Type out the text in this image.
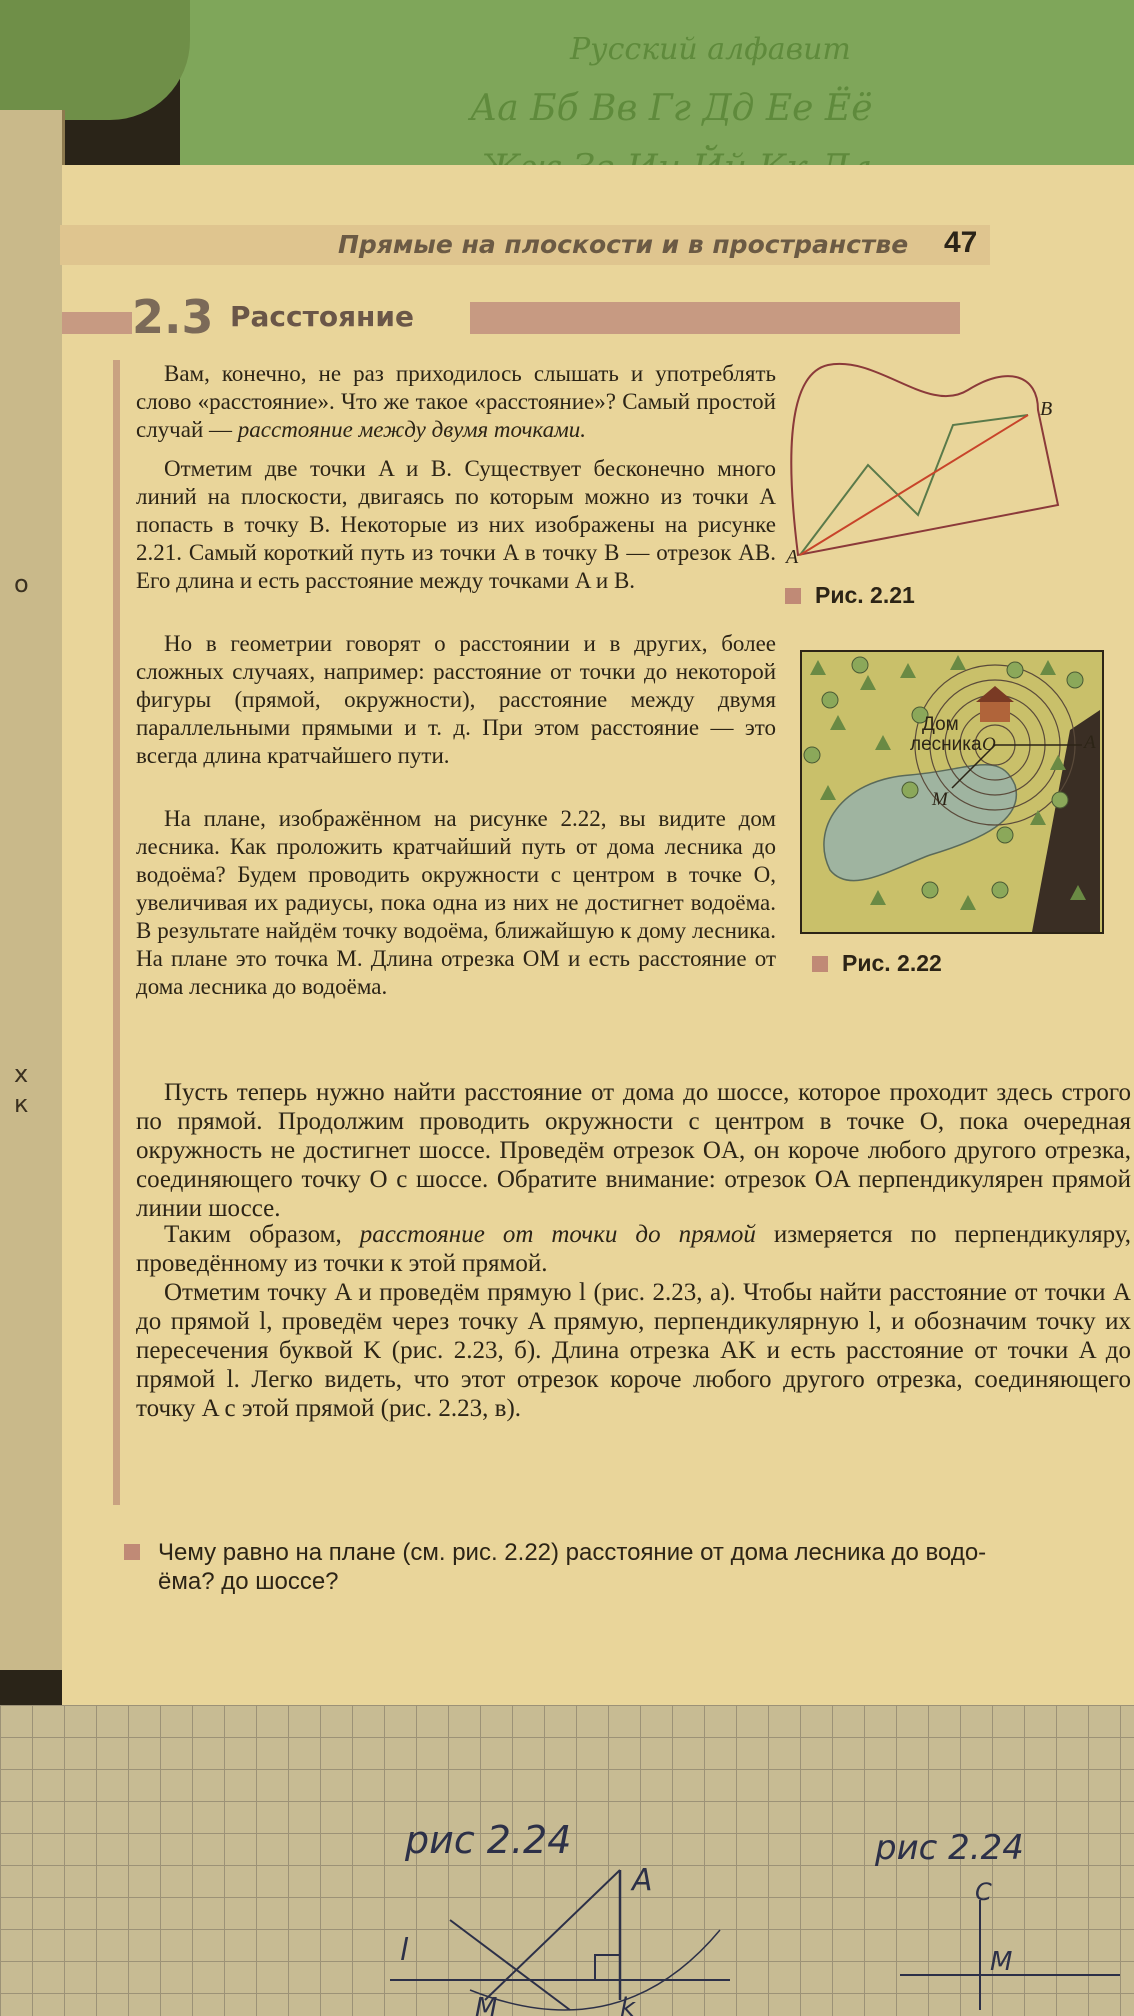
Русский алфавит
Аа Бб Вв Гг Дд Ее Ёё
о
х
к
Прямые на плоскости и в пространстве 47
2.3 Расстояние

Вам, конечно, не раз приходилось слышать и употреблять слово «расстояние». Что же такое «расстояние»? Самый простой случай — расстояние между двумя точками.

Отметим две точки A и B. Существует бесконечно много линий на плоскости, двигаясь по которым можно из точки A попасть в точку B. Некоторые из них изображены на рисунке 2.21. Самый короткий путь из точки A в точку B — отрезок AB. Его длина и есть расстояние между точками A и B.

Но в геометрии говорят о расстоянии и в других, более сложных случаях, например: расстояние от точки до некоторой фигуры (прямой, окружности), расстояние между двумя параллельными прямыми и т. д. При этом расстояние — это всегда длина кратчайшего пути.

На плане, изображённом на рисунке 2.22, вы видите дом лесника. Как проложить кратчайший путь от дома лесника до водоёма? Будем проводить окружности с центром в точке O, увеличивая их радиусы, пока одна из них не достигнет водоёма. В результате найдём точку водоёма, ближайшую к дому лесника. На плане это точка M. Длина отрезка OM и есть расстояние от дома лесника до водоёма.

Пусть теперь нужно найти расстояние от дома до шоссе, которое проходит здесь строго по прямой. Продолжим проводить окружности с центром в точке O, пока очередная окружность не достигнет шоссе. Проведём отрезок OA, он короче любого другого отрезка, соединяющего точку O с шоссе. Обратите внимание: отрезок OA перпендикулярен прямой линии шоссе.

Таким образом, расстояние от точки до прямой измеряется по перпендикуляру, проведённому из точки к этой прямой.

Отметим точку A и проведём прямую l (рис. 2.23, a). Чтобы найти расстояние от точки A до прямой l, проведём через точку A прямую, перпендикулярную l, и обозначим точку их пересечения буквой K (рис. 2.23, б). Длина отрезка AK и есть расстояние от точки A до прямой l. Легко видеть, что этот отрезок короче любого другого отрезка, соединяющего точку A с этой прямой (рис. 2.23, в).

A
B
Рис. 2.21
Дом
лесника O	A
M
Рис. 2.22
Чему равно на плане (см. рис. 2.22) расстояние от дома лесника до водо-
ёма? до шоссе?
рис 2.24	рис 2.24
A
l
M	k
C
M
